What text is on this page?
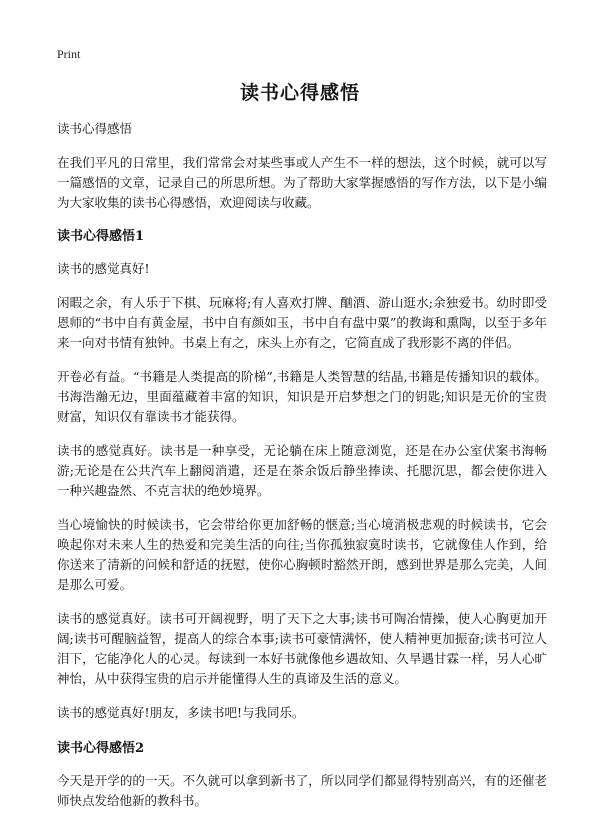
Print
读书心得感悟

读书心得感悟

在我们平凡的日常里，我们常常会对某些事或人产生不一样的想法，这个时候，就可以写一篇感悟的文章，记录自己的所思所想。为了帮助大家掌握感悟的写作方法，以下是小编为大家收集的读书心得感悟，欢迎阅读与收藏。

读书心得感悟1

读书的感觉真好!

闲暇之余，有人乐于下棋、玩麻将;有人喜欢打牌、酗酒、游山逛水;余独爱书。幼时即受恩师的“书中自有黄金屋，书中自有颜如玉，书中自有盘中粟”的教诲和熏陶，以至于多年来一向对书情有独钟。书桌上有之，床头上亦有之，它简直成了我形影不离的伴侣。

开卷必有益。“书籍是人类提高的阶梯”,书籍是人类智慧的结晶,书籍是传播知识的载体。书海浩瀚无边，里面蕴藏着丰富的知识，知识是开启梦想之门的钥匙;知识是无价的宝贵财富，知识仅有靠读书才能获得。

读书的感觉真好。读书是一种享受，无论躺在床上随意浏览，还是在办公室伏案书海畅游;无论是在公共汽车上翻阅消遣，还是在茶余饭后静坐捧读、托腮沉思，都会使你进入一种兴趣盎然、不克言状的绝妙境界。

当心境愉快的时候读书，它会带给你更加舒畅的惬意;当心境消极悲观的时候读书，它会唤起你对未来人生的热爱和完美生活的向往;当你孤独寂寞时读书，它就像佳人作到，给你送来了清新的问候和舒适的抚慰，使你心胸顿时豁然开朗，感到世界是那么完美，人间是那么可爱。

读书的感觉真好。读书可开阔视野，明了天下之大事;读书可陶冶情操，使人心胸更加开阔;读书可醒脑益智，提高人的综合本事;读书可豪情满怀，使人精神更加振奋;读书可泣人泪下，它能净化人的心灵。每读到一本好书就像他乡遇故知、久旱遇甘霖一样，另人心旷神怡，从中获得宝贵的启示并能懂得人生的真谛及生活的意义。

读书的感觉真好!朋友，多读书吧!与我同乐。

读书心得感悟2

今天是开学的的一天。不久就可以拿到新书了，所以同学们都显得特别高兴，有的还催老师快点发给他新的教科书。
